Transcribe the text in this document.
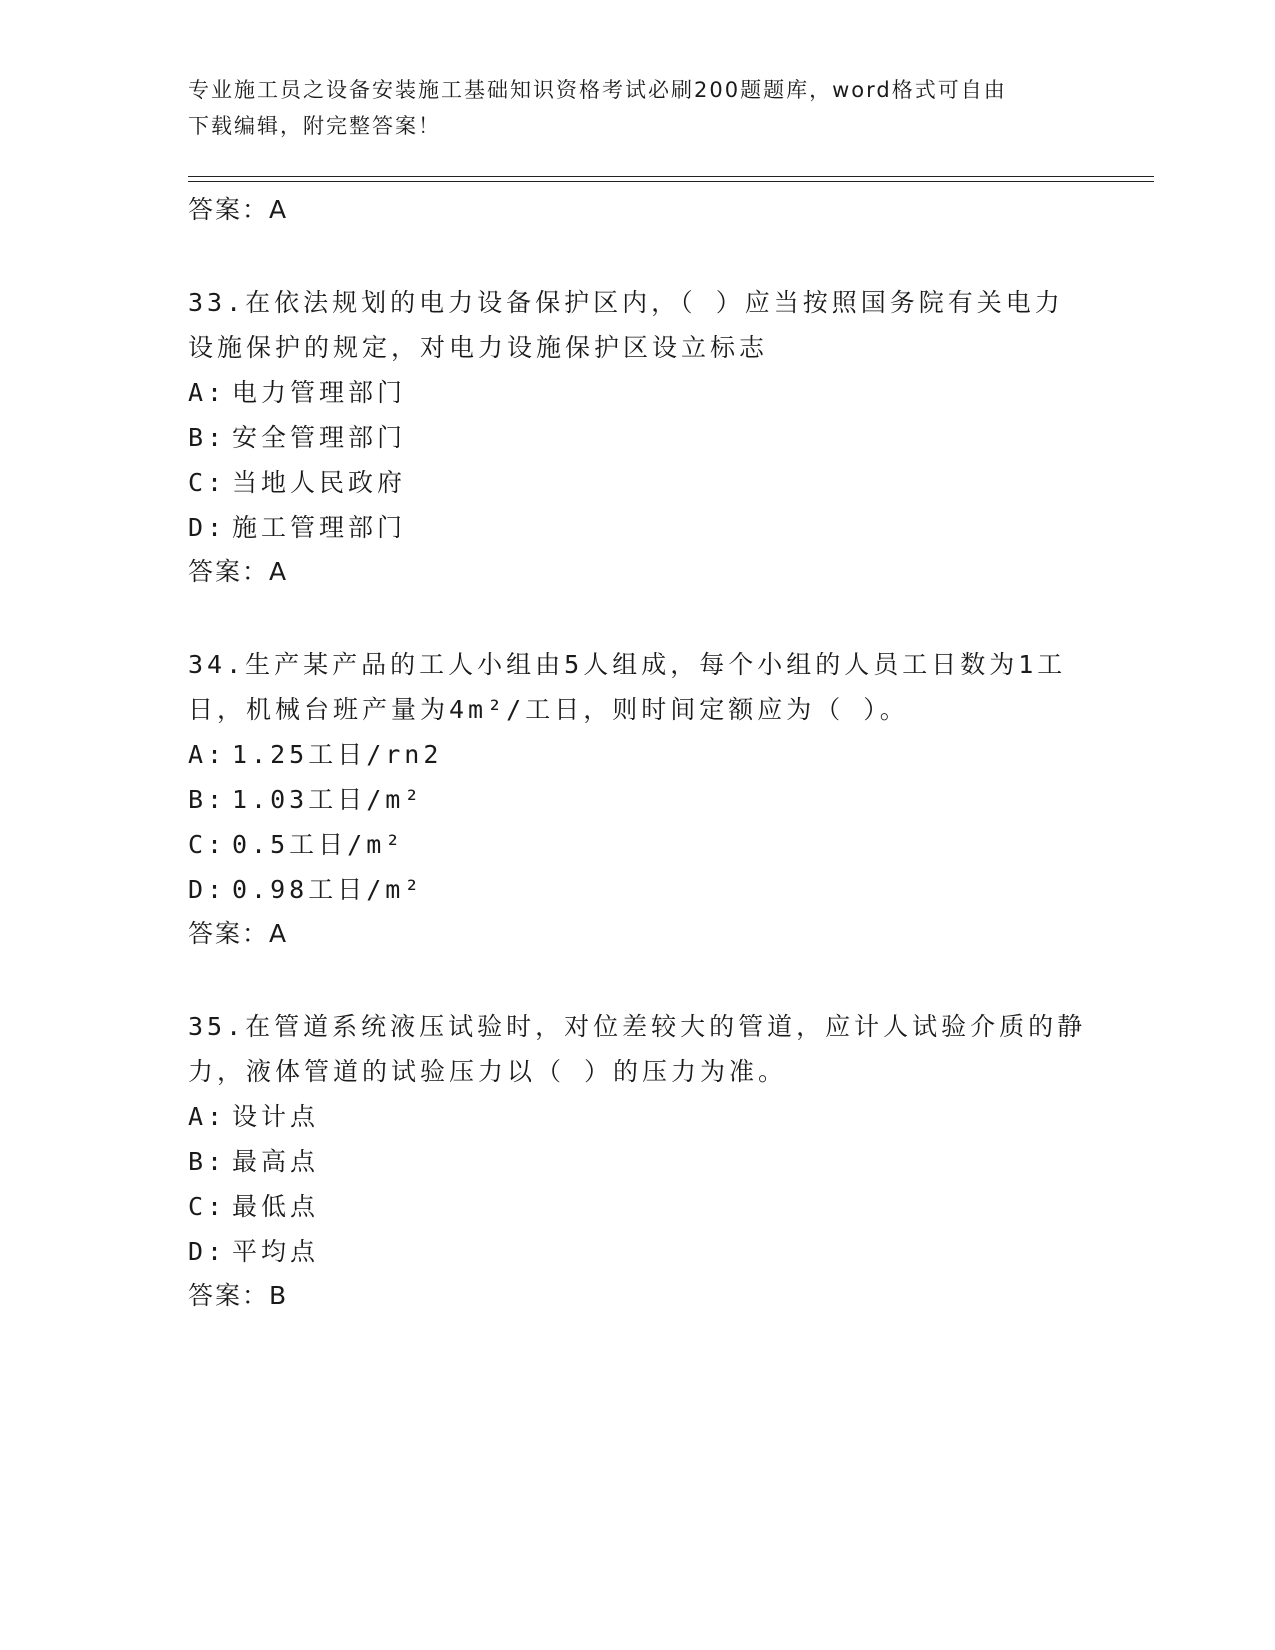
专业施工员之设备安装施工基础知识资格考试必刷200题题库，word格式可自由
下载编辑，附完整答案！
答案：A
33.在依法规划的电力设备保护区内，（ ）应当按照国务院有关电力
设施保护的规定，对电力设施保护区设立标志
A: 电力管理部门
B: 安全管理部门
C: 当地人民政府
D: 施工管理部门
答案：A
34.生产某产品的工人小组由5人组成，每个小组的人员工日数为1工
日，机械台班产量为4m²/工日，则时间定额应为（ ）。
A: 1.25工日/rn2
B: 1.03工日/m²
C: 0.5工日/m²
D: 0.98工日/m²
答案：A
35.在管道系统液压试验时，对位差较大的管道，应计人试验介质的静
力，液体管道的试验压力以（ ）的压力为准。
A: 设计点
B: 最高点
C: 最低点
D: 平均点
答案：B
